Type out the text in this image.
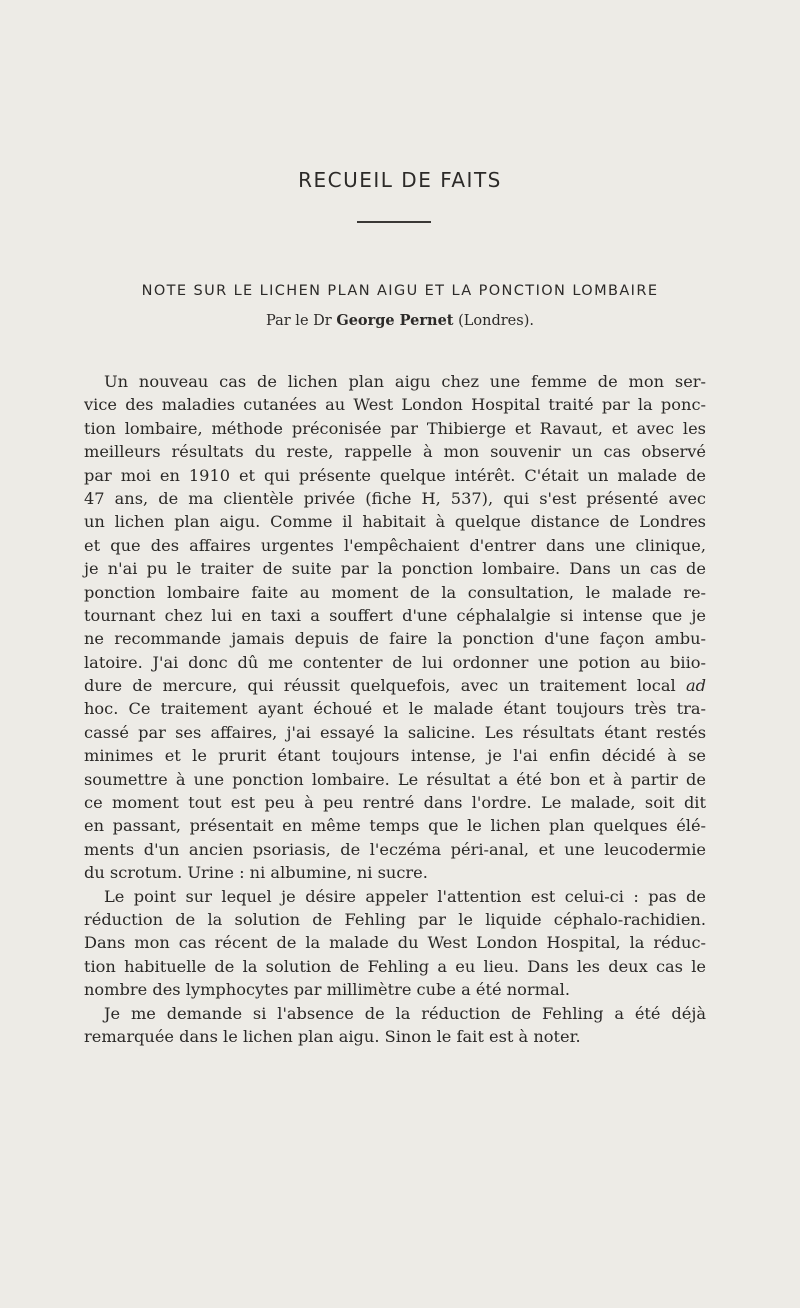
RECUEIL DE FAITS
NOTE SUR LE LICHEN PLAN AIGU ET LA PONCTION LOMBAIRE
Par le Dr George Pernet (Londres).
Un nouveau cas de lichen plan aigu chez une femme de mon ser-
vice des maladies cutanées au West London Hospital traité par la ponc-
tion lombaire, méthode préconisée par Thibierge et Ravaut, et avec les
meilleurs résultats du reste, rappelle à mon souvenir un cas observé
par moi en 1910 et qui présente quelque intérêt. C'était un malade de
47 ans, de ma clientèle privée (fiche H, 537), qui s'est présenté avec
un lichen plan aigu. Comme il habitait à quelque distance de Londres
et que des affaires urgentes l'empêchaient d'entrer dans une clinique,
je n'ai pu le traiter de suite par la ponction lombaire. Dans un cas de
ponction lombaire faite au moment de la consultation, le malade re-
tournant chez lui en taxi a souffert d'une céphalalgie si intense que je
ne recommande jamais depuis de faire la ponction d'une façon ambu-
latoire. J'ai donc dû me contenter de lui ordonner une potion au biio-
dure de mercure, qui réussit quelquefois, avec un traitement local ad
hoc. Ce traitement ayant échoué et le malade étant toujours très tra-
cassé par ses affaires, j'ai essayé la salicine. Les résultats étant restés
minimes et le prurit étant toujours intense, je l'ai enfin décidé à se
soumettre à une ponction lombaire. Le résultat a été bon et à partir de
ce moment tout est peu à peu rentré dans l'ordre. Le malade, soit dit
en passant, présentait en même temps que le lichen plan quelques élé-
ments d'un ancien psoriasis, de l'eczéma péri-anal, et une leucodermie
du scrotum. Urine : ni albumine, ni sucre.
Le point sur lequel je désire appeler l'attention est celui-ci : pas de
réduction de la solution de Fehling par le liquide céphalo-rachidien.
Dans mon cas récent de la malade du West London Hospital, la réduc-
tion habituelle de la solution de Fehling a eu lieu. Dans les deux cas le
nombre des lymphocytes par millimètre cube a été normal.
Je me demande si l'absence de la réduction de Fehling a été déjà
remarquée dans le lichen plan aigu. Sinon le fait est à noter.
